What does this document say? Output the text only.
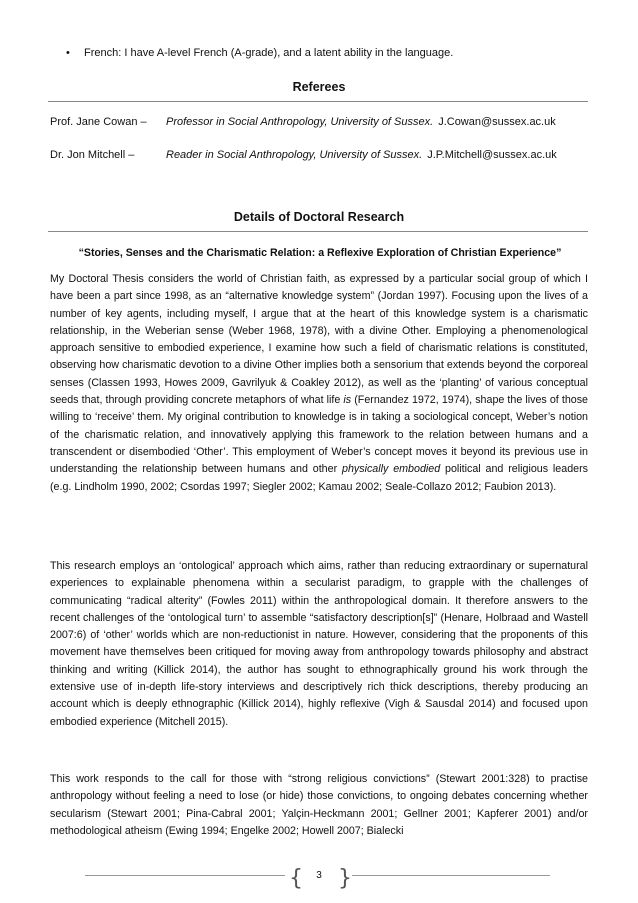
• French: I have A-level French (A-grade), and a latent ability in the language.
Referees
Prof. Jane Cowan – Professor in Social Anthropology, University of Sussex. J.Cowan@sussex.ac.uk
Dr. Jon Mitchell –	Reader in Social Anthropology, University of Sussex. J.P.Mitchell@sussex.ac.uk
Details of Doctoral Research
“Stories, Senses and the Charismatic Relation: a Reflexive Exploration of Christian Experience”

My Doctoral Thesis considers the world of Christian faith, as expressed by a particular social group of which I have been a part since 1998, as an “alternative knowledge system” (Jordan 1997). Focusing upon the lives of a number of key agents, including myself, I argue that at the heart of this knowledge system is a charismatic relationship, in the Weberian sense (Weber 1968, 1978), with a divine Other. Employing a phenomenological approach sensitive to embodied experience, I examine how such a field of charismatic relations is constituted, observing how charismatic devotion to a divine Other implies both a sensorium that extends beyond the corporeal senses (Classen 1993, Howes 2009, Gavrilyuk & Coakley 2012), as well as the ‘planting’ of various conceptual seeds that, through providing concrete metaphors of what life is (Fernandez 1972, 1974), shape the lives of those willing to ‘receive’ them. My original contribution to knowledge is in taking a sociological concept, Weber’s notion of the charismatic relation, and innovatively applying this framework to the relation between humans and a transcendent or disembodied ‘Other’. This employment of Weber’s concept moves it beyond its previous use in understanding the relationship between humans and other physically embodied political and religious leaders (e.g. Lindholm 1990, 2002; Csordas 1997; Siegler 2002; Kamau 2002; Seale-Collazo 2012; Faubion 2013).

This research employs an ‘ontological’ approach which aims, rather than reducing extraordinary or supernatural experiences to explainable phenomena within a secularist paradigm, to grapple with the challenges of communicating “radical alterity” (Fowles 2011) within the anthropological domain. It therefore answers to the recent challenges of the ‘ontological turn’ to assemble “satisfactory description[s]” (Henare, Holbraad and Wastell 2007:6) of ‘other’ worlds which are non-reductionist in nature. However, considering that the proponents of this movement have themselves been critiqued for moving away from anthropology towards philosophy and abstract thinking and writing (Killick 2014), the author has sought to ethnographically ground his work through the extensive use of in-depth life-story interviews and descriptively rich thick descriptions, thereby producing an account which is deeply ethnographic (Killick 2014), highly reflexive (Vigh & Sausdal 2014) and focused upon embodied experience (Mitchell 2015).

This work responds to the call for those with “strong religious convictions” (Stewart 2001:328) to practise anthropology without feeling a need to lose (or hide) those convictions, to ongoing debates concerning whether secularism (Stewart 2001; Pina-Cabral 2001; Yalçin-Heckmann 2001; Gellner 2001; Kapferer 2001) and/or methodological atheism (Ewing 1994; Engelke 2002; Howell 2007; Bialecki

{ }
3
